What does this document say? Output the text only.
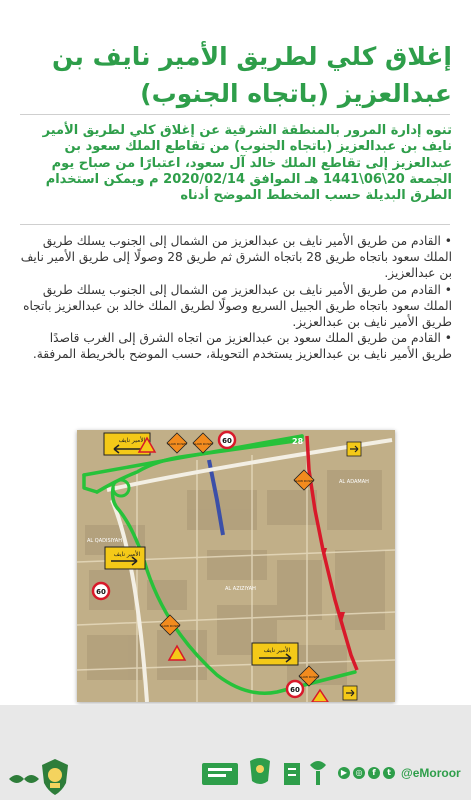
إغلاق كلي لطريق الأمير نايف بن عبدالعزيز (باتجاه الجنوب)

تنوه إدارة المرور بالمنطقة الشرقية عن إغلاق كلي لطريق الأمير نايف بن عبدالعزيز (باتجاه الجنوب) من تقاطع الملك سعود بن عبدالعزيز إلى تقاطع الملك خالد آل سعود، اعتبارًا من صباح يوم الجمعة 20\06\1441 هـ الموافق 2020/02/14 م ويمكن استخدام الطرق البديلة حسب المخطط الموضح أدناه

• القادم من طريق الأمير نايف بن عبدالعزيز من الشمال إلى الجنوب يسلك طريق الملك سعود باتجاه طريق 28 باتجاه الشرق ثم طريق 28 وصولًا إلى طريق الأمير نايف بن عبدالعزيز.
• القادم من طريق الأمير نايف بن عبدالعزيز من الشمال إلى الجنوب يسلك طريق الملك سعود باتجاه طريق الجبيل السريع وصولًا لطريق الملك خالد بن عبدالعزيز باتجاه طريق الأمير نايف بن عبدالعزيز.
• القادم من طريق الملك سعود بن عبدالعزيز من اتجاه الشرق إلى الغرب قاصدًا طريق الأمير نايف بن عبدالعزيز يستخدم التحويلة، حسب الموضح بالخريطة المرفقة.
الأمير نايف
الأمير نايف
الأمير نايف
60
60
60
SLOW DOWN SLOW DOWN
SLOW DOWN
SLOW DOWN
SLOW DOWN
28
AL ADAMAH
AL AZIZIYAH
AL QADISIYAH
▶	◎	f	t @eMoroor
